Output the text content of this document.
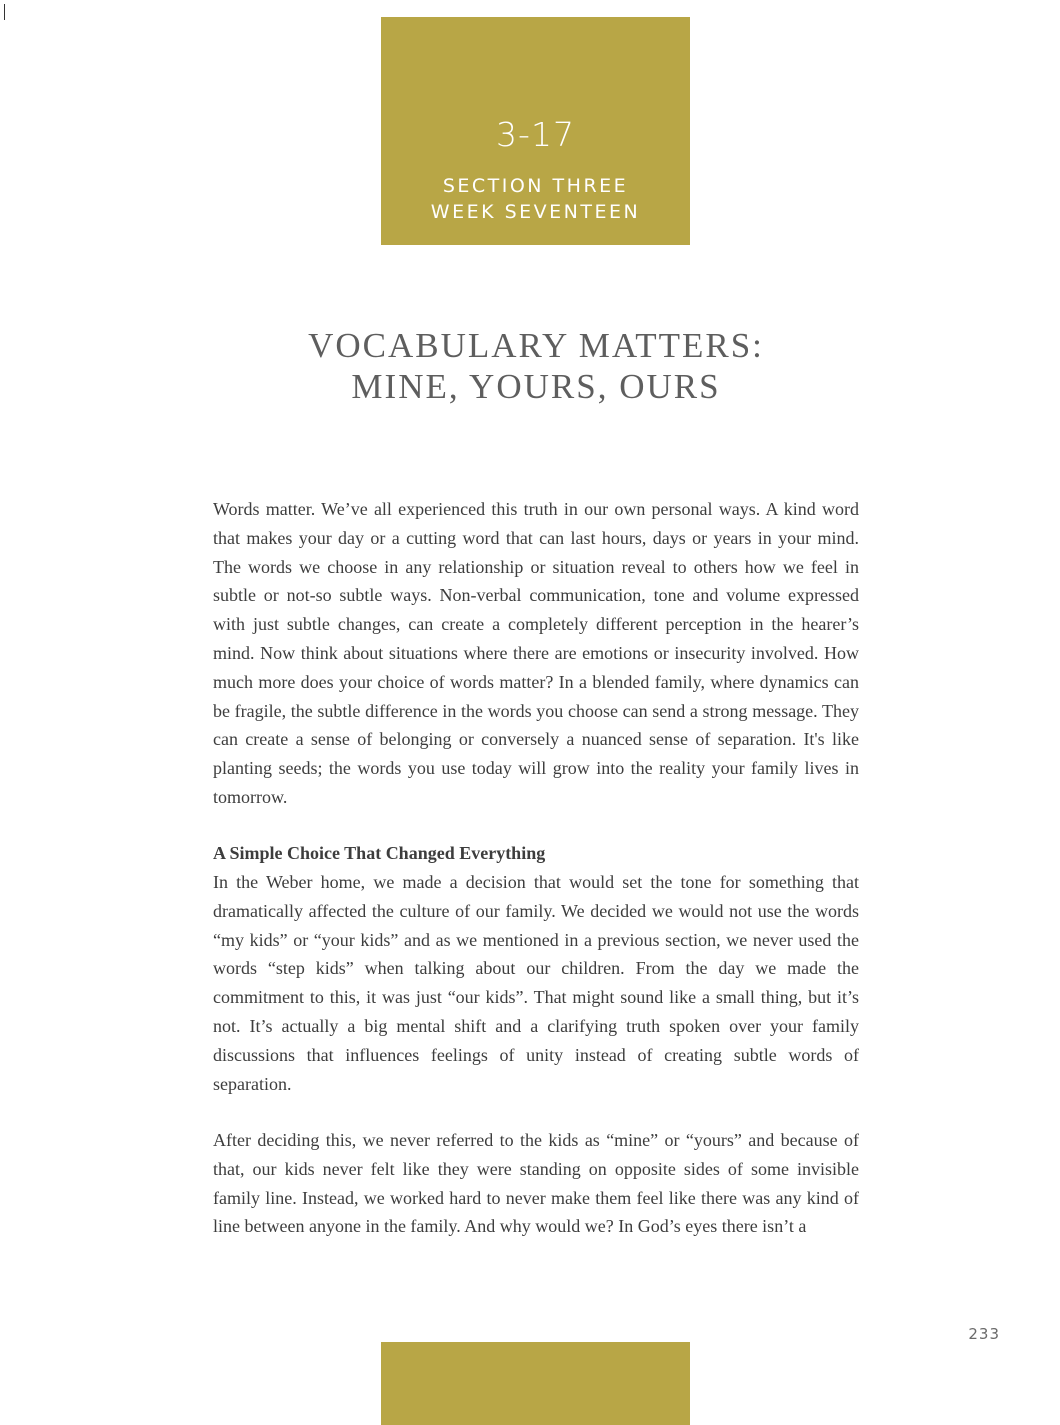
3-17
SECTION THREE
WEEK SEVENTEEN
VOCABULARY MATTERS:
MINE, YOURS, OURS

Words matter. We’ve all experienced this truth in our own personal ways. A kind word that makes your day or a cutting word that can last hours, days or years in your mind. The words we choose in any relationship or situation reveal to others how we feel in subtle or not-so subtle ways. Non-verbal communication, tone and volume expressed with just subtle changes, can create a completely different perception in the hearer’s mind. Now think about situations where there are emotions or insecurity involved. How much more does your choice of words matter? In a blended family, where dynamics can be fragile, the subtle difference in the words you choose can send a strong message. They can create a sense of belonging or conversely a nuanced sense of separation. It's like planting seeds; the words you use today will grow into the reality your family lives in tomorrow.

A Simple Choice That Changed Everything

In the Weber home, we made a decision that would set the tone for something that dramatically affected the culture of our family. We decided we would not use the words “my kids” or “your kids” and as we mentioned in a previous section, we never used the words “step kids” when talking about our children. From the day we made the commitment to this, it was just “our kids”. That might sound like a small thing, but it’s not. It’s actually a big mental shift and a clarifying truth spoken over your family discussions that influences feelings of unity instead of creating subtle words of separation.

After deciding this, we never referred to the kids as “mine” or “yours” and because of that, our kids never felt like they were standing on opposite sides of some invisible family line. Instead, we worked hard to never make them feel like there was any kind of line between anyone in the family. And why would we? In God’s eyes there isn’t a

233
